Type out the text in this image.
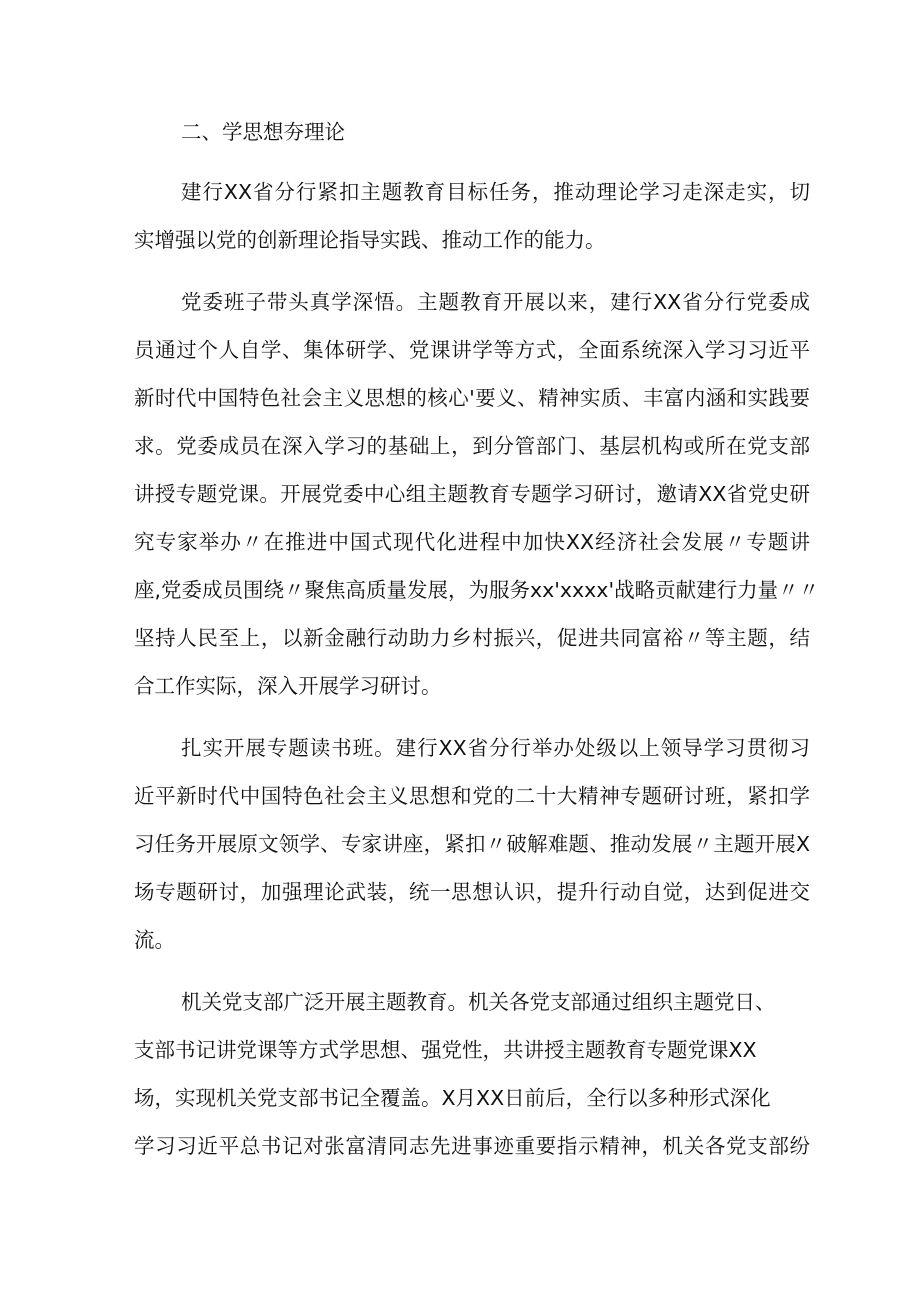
二、学思想夯理论
建行XX省分行紧扣主题教育目标任务，推动理论学习走深走实，切
实增强以党的创新理论指导实践、推动工作的能力。
党委班子带头真学深悟。主题教育开展以来，建行XX省分行党委成
员通过个人自学、集体研学、党课讲学等方式，全面系统深入学习习近平
新时代中国特色社会主义思想的核心'要义、精神实质、丰富内涵和实践要
求。党委成员在深入学习的基础上，到分管部门、基层机构或所在党支部
讲授专题党课。开展党委中心组主题教育专题学习研讨，邀请XX省党史研
究专家举办〃在推进中国式现代化进程中加快XX经济社会发展〃专题讲
座,党委成员围绕〃聚焦高质量发展，为服务xx'xxxx'战略贡献建行力量〃〃
坚持人民至上，以新金融行动助力乡村振兴，促进共同富裕〃等主题，结
合工作实际，深入开展学习研讨。
扎实开展专题读书班。建行XX省分行举办处级以上领导学习贯彻习
近平新时代中国特色社会主义思想和党的二十大精神专题研讨班，紧扣学
习任务开展原文领学、专家讲座，紧扣〃破解难题、推动发展〃主题开展X
场专题研讨，加强理论武装，统一思想认识，提升行动自觉，达到促进交
流。
机关党支部广泛开展主题教育。机关各党支部通过组织主题党日、
支部书记讲党课等方式学思想、强党性，共讲授主题教育专题党课XX
场，实现机关党支部书记全覆盖。X月XX日前后，全行以多种形式深化
学习习近平总书记对张富清同志先进事迹重要指示精神，机关各党支部纷
